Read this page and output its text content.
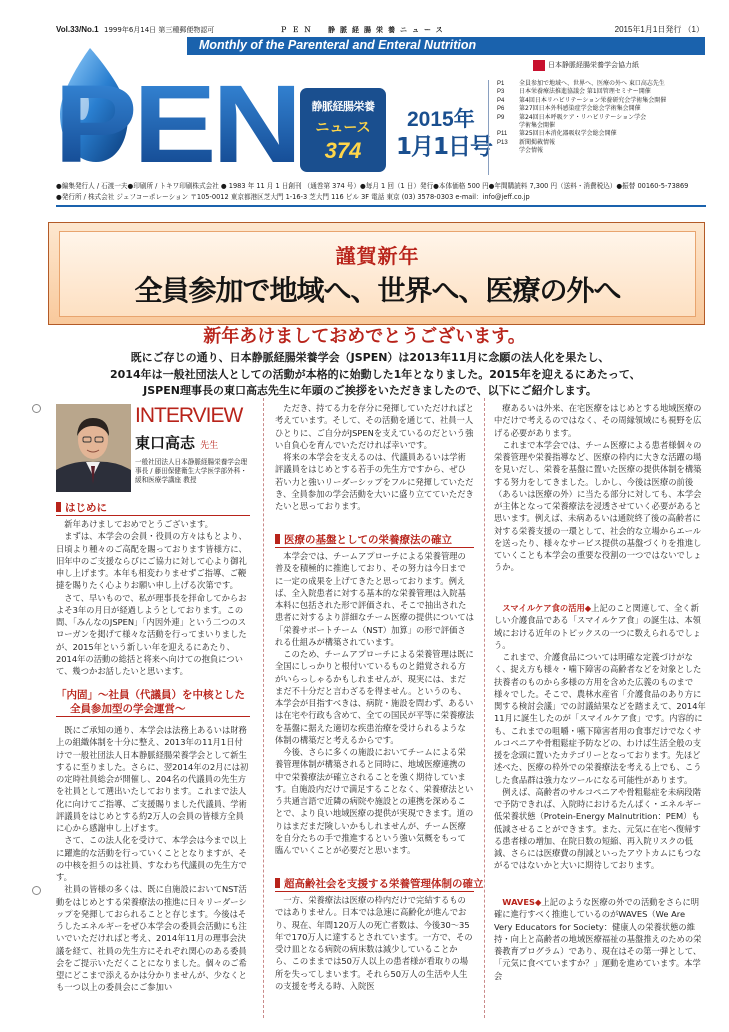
Vol.33/No.1 1999年6月14日 第三種郵便物認可	ＰＥＮ　静脈経腸栄養ニュース	2015年1月1日発行 （1）
Monthly of the Parenteral and Enteral Nutrition
日本静脈経腸栄養学会協力紙
PEN	静脈経腸栄養
ニュース
374
2015年
1月1日号
P1 全員参加で地域へ、世界へ、医療の外へ 東口高志先生
P3 日本栄養療法推進協議会 第1回管理セミナー開催
P4 第4回日本リハビリテーション栄養研究会学術集会開催
P6 第27回日本外科感染症学会総会学術集会開催
P9 第24回日本呼吸ケア・リハビリテーション学会
学術集会開催
P11 第25回日本消化器吸収学会総会開催
P13 新聞掲載情報
学会情報
●編集発行人 / 石渡一夫●印刷所 / トキワ印刷株式会社 ● 1983 年 11 月 1 日創刊 （通巻第 374 号）●毎月 1 回（1 日）発行●本体価格 500 円●年間購読料 7,300 円（送料・消費税込）●振替 00160-5-73869
●発行所 / 株式会社 ジェフコーポレーション 〒105-0012 東京都港区芝大門 1-16-3 芝大門 116 ビル 3F 電話 東京 (03) 3578-0303 e-mail：info@jeff.co.jp
謹賀新年
全員参加で地域へ、世界へ、医療の外へ
新年あけましておめでとうございます。
既にご存じの通り、日本静脈経腸栄養学会（JSPEN）は2013年11月に念願の法人化を果たし、
2014年は一般社団法人としての活動が本格的に始動した1年となりました。2015年を迎えるにあたって、
JSPEN理事長の東口高志先生に年頭のご挨拶をいただきましたので、以下にご紹介します。
INTERVIEW
東口高志 先生
一般社団法人日本静脈経腸栄養学会理事長 / 藤田保健衛生大学医学部外科・緩和医療学講座 教授
はじめに

新年あけましておめでとうございます。

まずは、本学会の会員・役員の方々はもとより、日頃より種々のご高配を賜っております皆様方に、旧年中のご支援ならびにご協力に対して心より御礼申し上げます。本年も相変わりませずご指導、ご鞭撻を賜りたく心よりお願い申し上げる次第です。

さて、早いもので、私が理事長を拝命してからおよそ3年の月日が経過しようとしております。この間、「みんなのJSPEN」「内因外連」という二つのスローガンを掲げて様々な活動を行ってまいりましたが、2015年という新しい年を迎えるにあたり、2014年の活動の総括と将来へ向けての抱負について、幾つかお話したいと思います。

「内固」～社員（代議員）を中核とした
全員参加型の学会運営～

既にご承知の通り、本学会は法務上あるいは財務上の組織体制を十分に整え、2013年の11月1日付けで一般社団法人日本静脈経腸栄養学会として新生するに至りました。さらに、翌2014年の2月には初の定時社員総会が開催し、204名の代議員の先生方を社員として選出いたしております。これまで法人化に向けてご指導、ご支援賜りました代議員、学術評議員をはじめとする約2万人の会員の皆様方全員に心から感謝申し上げます。

さて、この法人化を受けて、本学会は今まで以上に躍進的な活動を行っていくこととなりますが、その中核を担うのは社員、すなわち代議員の先生方です。

社員の皆様の多くは、既に自施設においてNST活動をはじめとする栄養療法の推進に日々リーダーシップを発揮しておられることと存じます。今後はそうしたエネルギーをぜひ本学会の委員会活動にも注いでいただければと考え、2014年11月の理事会決議を経て、社員の先生方にそれぞれ関心のある委員会をご提示いただくことになりました。個々のご希望にどこまで添えるかは分かりませんが、少なくとも一つ以上の委員会にご参加い

ただき、持てる力を存分に発揮していただければと考えています。そして、その活動を通じて、社員一人ひとりに、ご自分がJSPENを支えているのだという強い自負心を育んでいただければ幸いです。

将来の本学会を支えるのは、代議員あるいは学術評議員をはじめとする若手の先生方ですから、ぜひ若い力と強いリーダーシップをフルに発揮していただき、全員参加の学会活動を大いに盛り立てていただきたいと思っております。

医療の基盤としての栄養療法の確立

本学会では、チームアプローチによる栄養管理の普及を積極的に推進しており、その努力は今日までに一定の成果を上げてきたと思っております。例えば、全入院患者に対する基本的な栄養管理は入院基本料に包括された形で評価され、そこで抽出された患者に対するより詳細なチーム医療の提供については「栄養サポートチーム（NST）加算」の形で評価される仕組みが構築されています。

このため、チームアプローチによる栄養管理は既に全国にしっかりと根付いているものと錯覚される方がいらっしゃるかもしれませんが、現実には、まだまだ不十分だと言わざるを得ません。というのも、本学会が目指すべきは、病院・施設を問わず、あるいは在宅や行政も含めて、全ての国民が平等に栄養療法を基盤に据えた適切な疾患治療を受けられるような体制の構築だと考えるからです。

今後、さらに多くの施設においてチームによる栄養管理体制が構築されると同時に、地域医療連携の中で栄養療法が確立されることを強く期待しています。自施設内だけで満足することなく、栄養療法という共通言語で近隣の病院や施設との連携を深めることで、より良い地域医療の提供が実現できます。道のりはまだまだ険しいかもしれませんが、チーム医療を自分たちの手で推進するという強い気概をもって臨んでいくことが必要だと思います。

超高齢社会を支援する栄養管理体制の確立

一方、栄養療法は医療の枠内だけで完結するものではありません。日本では急速に高齢化が進んでおり、現在、年間120万人の死亡者数は、今後30～35年で170万人に達するとされています。一方で、その受け皿となる病院の病床数は減少していることから、このままでは50万人以上の患者様が看取りの場所を失ってしまいます。それら50万人の生活や人生の支援を考える時、入院医

療あるいは外来、在宅医療をはじめとする地域医療の中だけで考えるのではなく、その周縁領域にも視野を広げる必要があります。

これまで本学会では、チーム医療による患者様個々の栄養管理や栄養指導など、医療の枠内に大きな活躍の場を見いだし、栄養を基盤に置いた医療の提供体制を構築する努力をしてきました。しかし、今後は医療の前後（あるいは医療の外）に当たる部分に対しても、本学会が主体となって栄養療法を浸透させていく必要があると思います。例えば、未病あるいは通院終了後の高齢者に対する栄養支援の一環として、社会的な立場からエールを送ったり、様々なサービス提供の基盤づくりを推進していくことも本学会の重要な役割の一つではないでしょうか。

スマイルケア食の活用◆上記のこと関連して、全く新しい介護食品である「スマイルケア食」の誕生は、本領域における近年のトピックスの一つに数えられるでしょう。

これまで、介護食品については明確な定義づけがなく、捉え方も様々・噛下障害の高齢者などを対象とした扶養者のものから多様の方用を含めた広義のものまで様々でした。そこで、農林水産省「介護食品のあり方に関する検討会議」での討議結果などを踏まえて、2014年11月に誕生したのが「スマイルケア食」です。内容的にも、これまでの咀嚼・嚥下障害者用の食事だけでなくサルコペニアや骨粗鬆症予防などの、わけば生活全般の支援を念頭に置いたカテゴリーとなっております。先ほど述べた、医療の枠外での栄養療法を考える上でも、こうした食品群は強力なツールになる可能性があります。

例えば、高齢者のサルコペニアや骨粗鬆症を未病段階で予防できれば、入院時におけるたんぱく・エネルギー低栄養状態（Protein-Energy Malnutrition：PEM）も低減させることができます。また、元気に在宅へ復帰する患者様の増加、在院日数の短縮、再入院リスクの低減、さらには医療費の削減といったアウトカムにもつながるではないかと大いに期待しております。

WAVES◆上記のような医療の外での活動をさらに明確に進行すべく推進しているのがWAVES（We Are Very Educators for Society：健康人の栄養状態の維持・向上と高齢者の地域医療福祉の基盤推えのための栄養教育プログラム）であり、現在はその第一弾として、「元気に食べていますか？」運動を進めています。本学会
